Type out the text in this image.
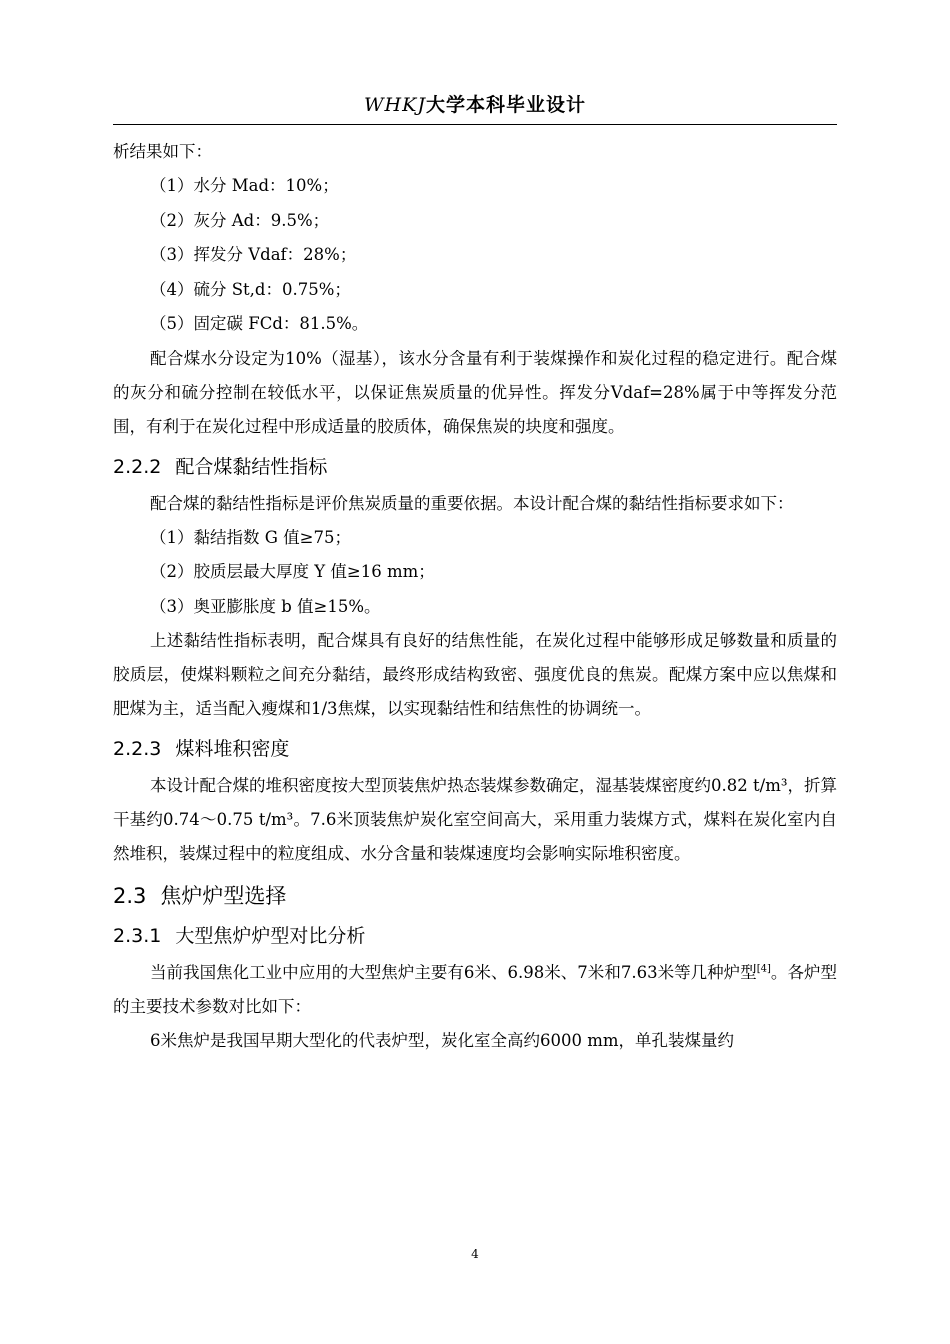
WHKJ大学本科毕业设计

析结果如下：

（1）水分 Mad：10%；

（2）灰分 Ad：9.5%；

（3）挥发分 Vdaf：28%；

（4）硫分 St,d：0.75%；

（5）固定碳 FCd：81.5%。

配合煤水分设定为10%（湿基），该水分含量有利于装煤操作和炭化过程的稳定进行。配合煤的灰分和硫分控制在较低水平，以保证焦炭质量的优异性。挥发分Vdaf=28%属于中等挥发分范围，有利于在炭化过程中形成适量的胶质体，确保焦炭的块度和强度。

2.2.2 配合煤黏结性指标

配合煤的黏结性指标是评价焦炭质量的重要依据。本设计配合煤的黏结性指标要求如下：

（1）黏结指数 G 值≥75；

（2）胶质层最大厚度 Y 值≥16 mm；

（3）奥亚膨胀度 b 值≥15%。

上述黏结性指标表明，配合煤具有良好的结焦性能，在炭化过程中能够形成足够数量和质量的胶质层，使煤料颗粒之间充分黏结，最终形成结构致密、强度优良的焦炭。配煤方案中应以焦煤和肥煤为主，适当配入瘦煤和1/3焦煤，以实现黏结性和结焦性的协调统一。

2.2.3 煤料堆积密度

本设计配合煤的堆积密度按大型顶装焦炉热态装煤参数确定，湿基装煤密度约0.82 t/m³，折算干基约0.74～0.75 t/m³。7.6米顶装焦炉炭化室空间高大，采用重力装煤方式，煤料在炭化室内自然堆积，装煤过程中的粒度组成、水分含量和装煤速度均会影响实际堆积密度。

2.3 焦炉炉型选择
2.3.1 大型焦炉炉型对比分析

当前我国焦化工业中应用的大型焦炉主要有6米、6.98米、7米和7.63米等几种炉型[4]。各炉型的主要技术参数对比如下：

6米焦炉是我国早期大型化的代表炉型，炭化室全高约6000 mm，单孔装煤量约

4
